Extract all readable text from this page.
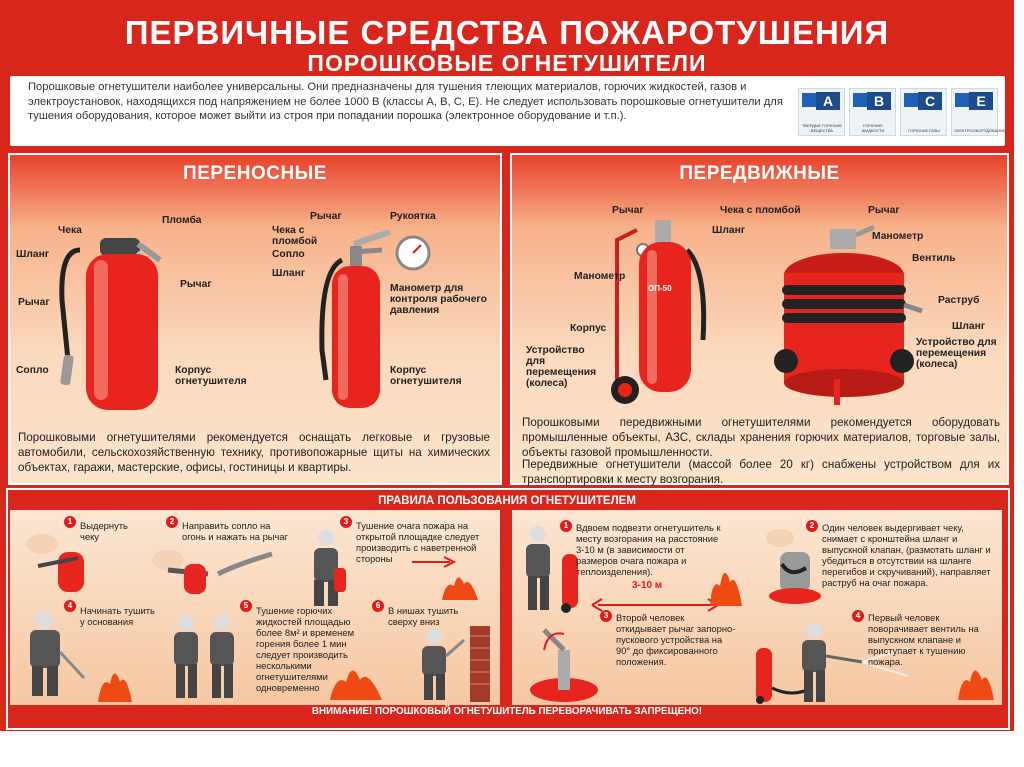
ПЕРВИЧНЫЕ СРЕДСТВА ПОЖАРОТУШЕНИЯ
ПОРОШКОВЫЕ ОГНЕТУШИТЕЛИ

Порошковые огнетушители наиболее универсальны. Они предназначены для тушения тлеющих материалов, горючих жидкостей, газов и электроустановок, находящихся под напряжением не более 1000 В (классы А, В, С, Е). Не следует использовать порошковые огнетушители для тушения оборудования, которое может выйти из строя при попадании порошка (электронное оборудование и т.п.).

A
ТВЕРДЫЕ ГОРЮЧИЕ ВЕЩЕСТВА
B
ГОРЮЧИЕ ЖИДКОСТИ
C
ГОРЮЧИЕ ГАЗЫ
E
ЭЛЕКТРООБОРУДОВАНИЕ
ПЕРЕНОСНЫЕ
Чека
Пломба
Шланг
Рычаг
Рычаг
Сопло	Корпус огнетушителя
Рычаг	Рукоятка
Чека с пломбой
Сопло
Шланг
Манометр для контроля рабочего давления
Корпус огнетушителя

Порошковыми огнетушителями рекомендуется оснащать легковые и грузовые автомобили, сельскохозяйственную технику, противопожарные щиты на химических объектах, гаражи, мастерские, офисы, гостиницы и квартиры.

ПЕРЕДВИЖНЫЕ
ОП-50
Рычаг	Чека с пломбой	Рычаг
Шланг
Манометр
Манометр
Вентиль
Раструб
Корпус	Шланг
Устройство для перемещения (колеса)
Устройство для перемещения (колеса)

Порошковыми передвижными огнетушителями рекомендуется оборудовать промышленные объекты, АЗС, склады хранения горючих материалов, торговые залы, объекты газовой промышленности.

Передвижные огнетушители (массой более 20 кг) снабжены устройством для их транспортировки к месту возгорания.

ПРАВИЛА ПОЛЬЗОВАНИЯ ОГНЕТУШИТЕЛЕМ
1 Выдернуть чеку
2 Направить сопло на огонь и нажать на рычаг
3 Тушение очага пожара на открытой площадке следует производить с наветренной стороны
4 Начинать тушить у основания
5 Тушение горючих жидкостей площадью более 8м² и временем горения более 1 мин следует производить несколькими огнетушителями одновременно
6 В нишах тушить сверху вниз
1 Вдвоем подвезти огнетушитель к месту возгорания на расстояние 3-10 м (в зависимости от размеров очага пожара и теплоизделения).
3-10 м
3 Второй человек откидывает рычаг запорно-пускового устройства на 90° до фиксированного положения.
2 Один человек выдергивает чеку, снимает с кронштейна шланг и выпускной клапан, (размотать шланг и убедиться в отсутствии на шланге перегибов и скручиваний), направляет раструб на очаг пожара.
4 Первый человек поворачивает вентиль на выпускном клапане и приступает к тушению пожара.
ВНИМАНИЕ! ПОРОШКОВЫЙ ОГНЕТУШИТЕЛЬ ПЕРЕВОРАЧИВАТЬ ЗАПРЕЩЕНО!
